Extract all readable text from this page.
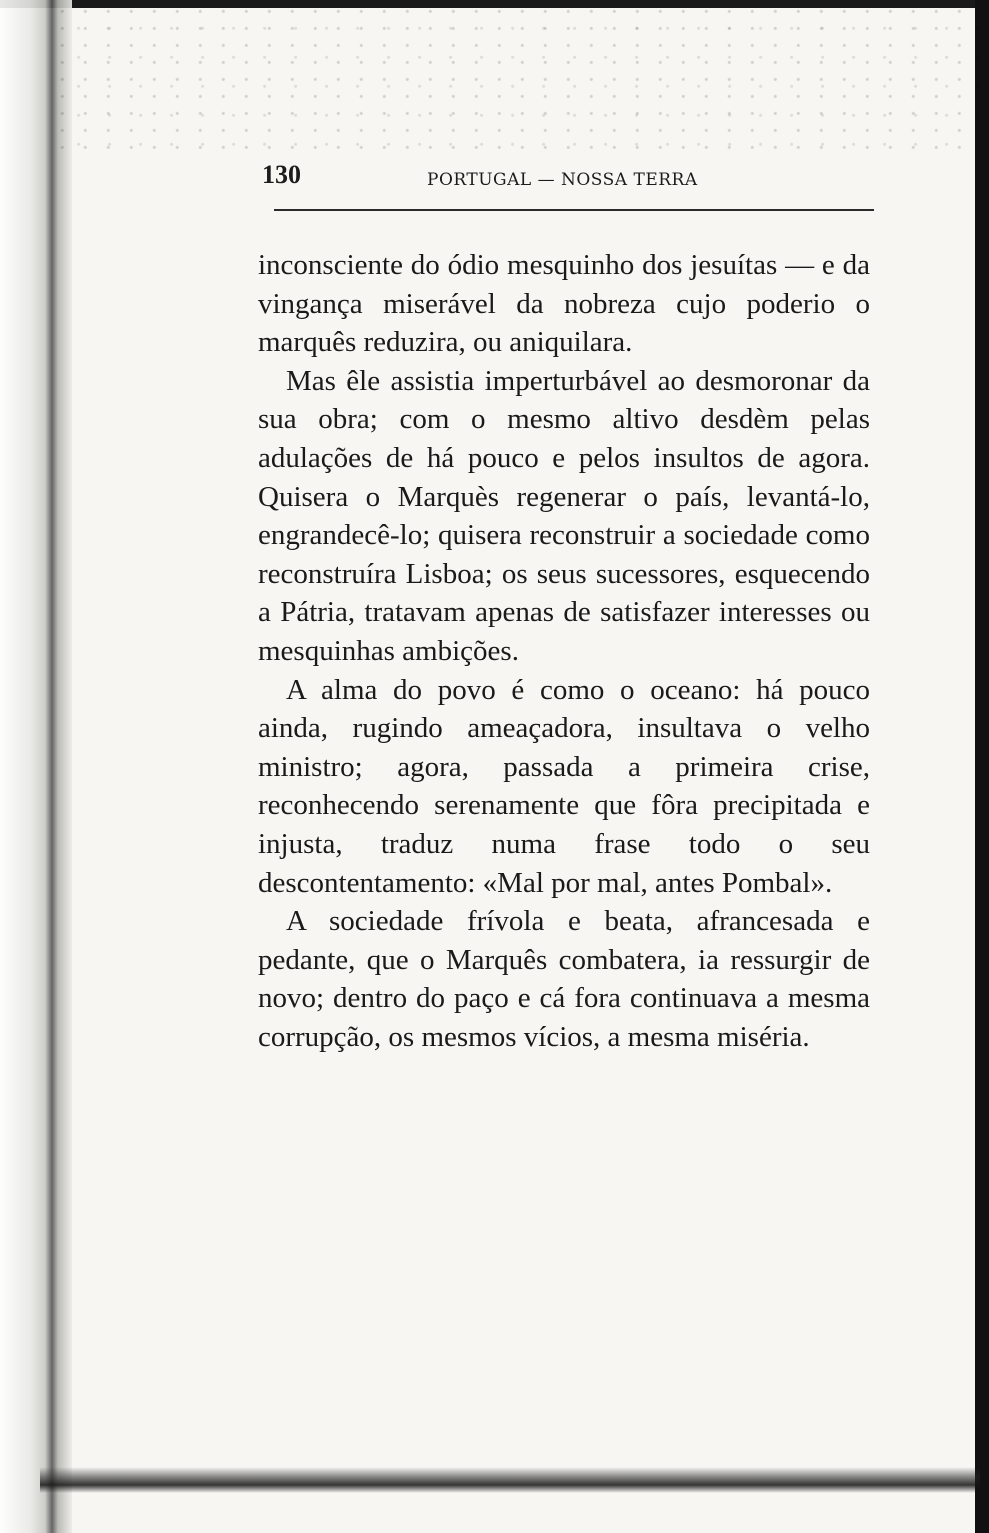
130	PORTUGAL — NOSSA TERRA

inconsciente do ódio mesquinho dos jesuítas — e da vingança miserável da nobreza cujo poderio o marquês reduzira, ou aniquilara.

Mas êle assistia imperturbável ao desmoronar da sua obra; com o mesmo altivo desdèm pelas adulações de há pouco e pelos insultos de agora. Quisera o Marquès regenerar o país, levantá-lo, engrandecê-lo; quisera reconstruir a sociedade como reconstruíra Lisboa; os seus sucessores, esquecendo a Pátria, tratavam apenas de satisfazer interesses ou mesquinhas ambições.

A alma do povo é como o oceano: há pouco ainda, rugindo ameaçadora, insultava o velho ministro; agora, passada a primeira crise, reconhecendo serenamente que fôra precipitada e injusta, traduz numa frase todo o seu descontentamento: «Mal por mal, antes Pombal».

A sociedade frívola e beata, afrancesada e pedante, que o Marquês combatera, ia ressurgir de novo; dentro do paço e cá fora continuava a mesma corrupção, os mesmos vícios, a mesma miséria.
